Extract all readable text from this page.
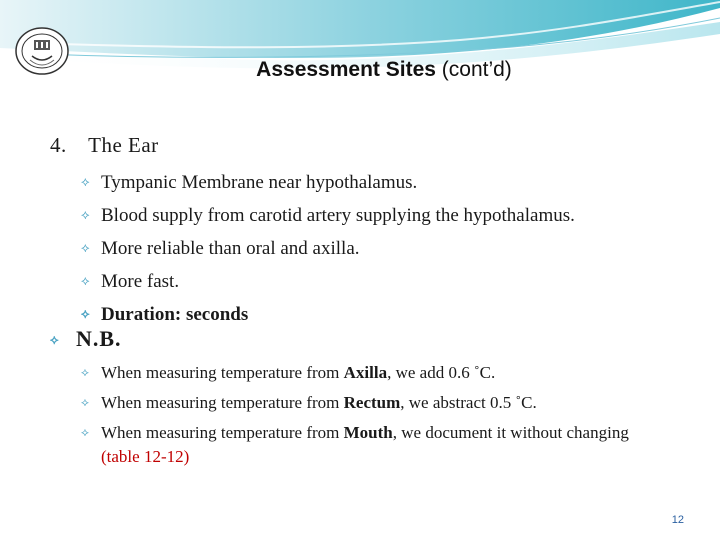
Assessment Sites (cont’d)
4. The Ear
⟡ Tympanic Membrane near hypothalamus.
⟡ Blood supply from carotid artery supplying the hypothalamus.
⟡ More reliable than oral and axilla.
⟡ More fast.
⟡ Duration: seconds
⟡ N.B.
⟡ When measuring temperature from Axilla, we add 0.6 ˚C.
⟡ When measuring temperature from Rectum, we abstract 0.5 ˚C.
⟡ When measuring temperature from Mouth, we document it without changing (table 12-12)
12
